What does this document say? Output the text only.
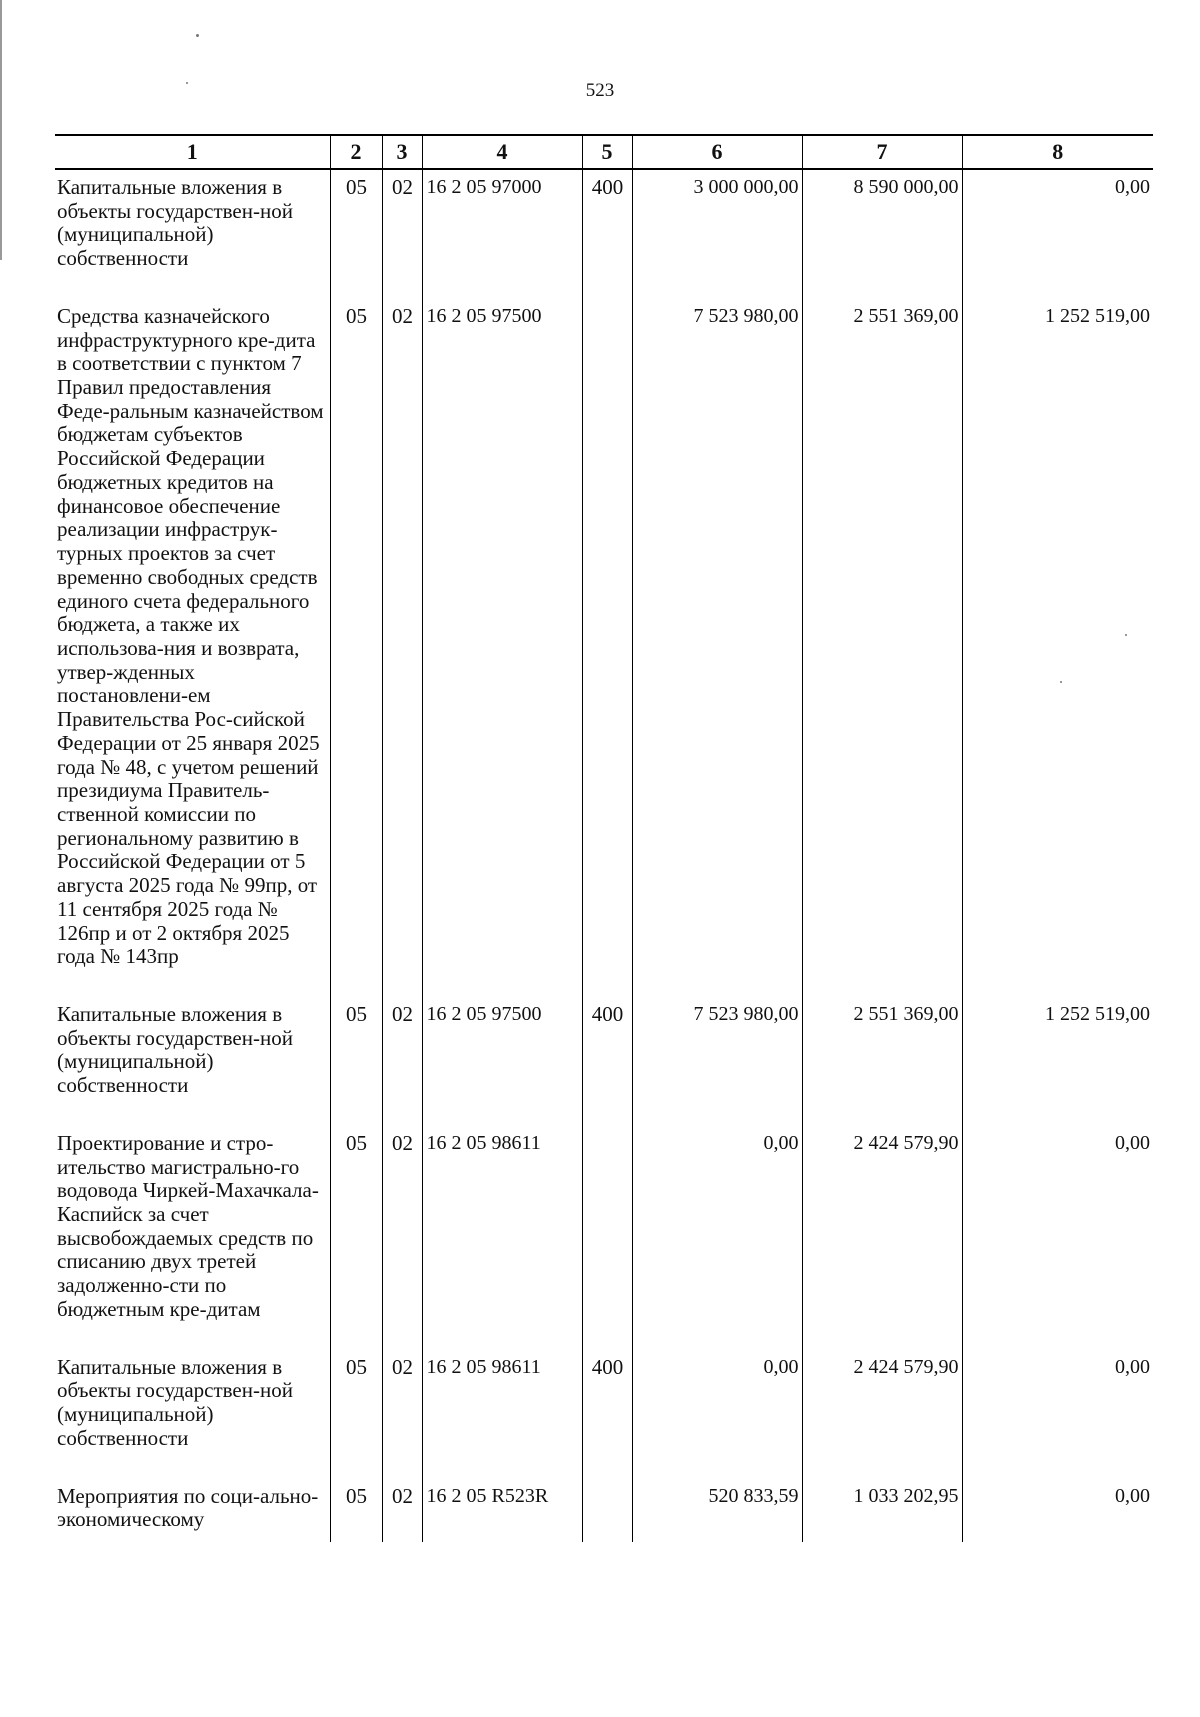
523
1	2	3	4	5	6	7	8
Капитальные вложения в объекты государствен-ной (муниципальной) собственности	05	02	16 2 05 97000	400	3 000 000,00	8 590 000,00	0,00
Средства казначейского инфраструктурного кре-дита в соответствии с пунктом 7 Правил предоставления Феде-ральным казначейством бюджетам субъектов Российской Федерации бюджетных кредитов на финансовое обеспечение реализации инфраструк-турных проектов за счет временно свободных средств единого счета федерального бюджета, а также их использова-ния и возврата, утвер-жденных постановлени-ем Правительства Рос-сийской Федерации от 25 января 2025 года № 48, с учетом решений президиума Правитель-ственной комиссии по региональному развитию в Российской Федерации от 5 августа 2025 года № 99пр, от 11 сентября 2025 года № 126пр и от 2 октября 2025 года № 143пр	05	02	16 2 05 97500		7 523 980,00	2 551 369,00	1 252 519,00
Капитальные вложения в объекты государствен-ной (муниципальной) собственности	05	02	16 2 05 97500	400	7 523 980,00	2 551 369,00	1 252 519,00
Проектирование и стро-ительство магистрально-го водовода Чиркей-Махачкала-Каспийск за счет высвобождаемых средств по списанию двух третей задолженно-сти по бюджетным кре-дитам	05	02	16 2 05 98611		0,00	2 424 579,90	0,00
Капитальные вложения в объекты государствен-ной (муниципальной) собственности	05	02	16 2 05 98611	400	0,00	2 424 579,90	0,00
Мероприятия по соци-ально-экономическому	05	02	16 2 05 R523R		520 833,59	1 033 202,95	0,00
